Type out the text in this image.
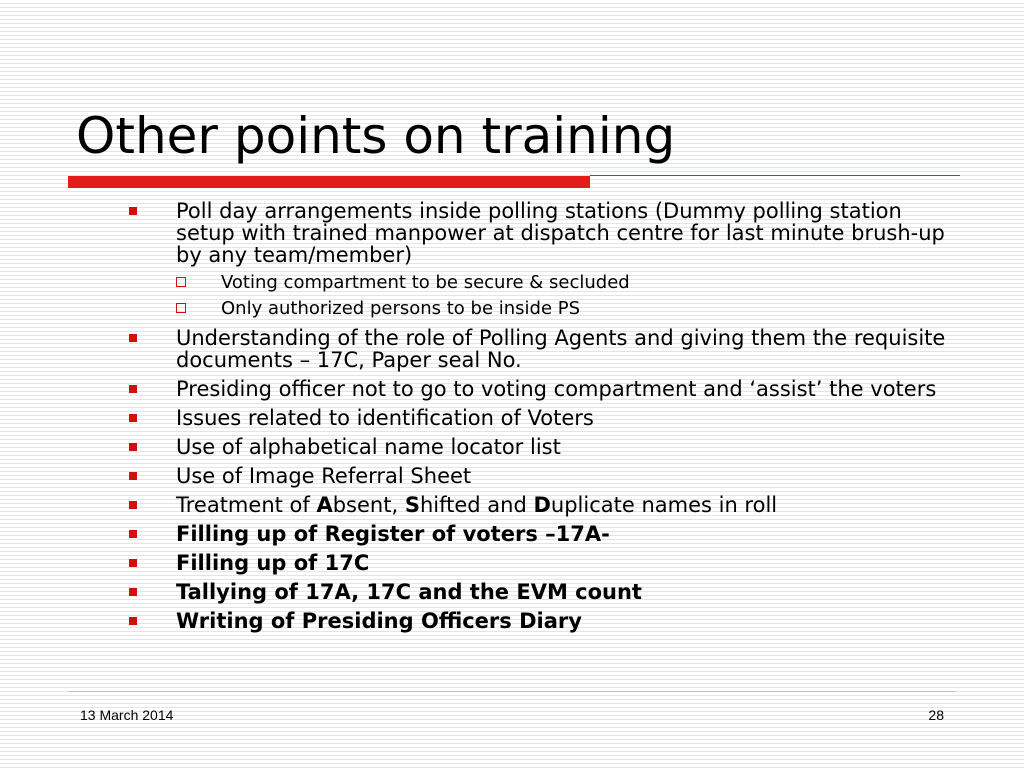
Other points on training
Poll day arrangements inside polling stations (Dummy polling station setup with trained manpower at dispatch centre for last minute brush-up by any team/member)
Voting compartment to be secure & secluded
Only authorized persons to be inside PS
Understanding of the role of Polling Agents and giving them the requisite documents – 17C, Paper seal No.
Presiding officer not to go to voting compartment and ‘assist’ the voters
Issues related to identification of Voters
Use of alphabetical name locator list
Use of Image Referral Sheet
Treatment of Absent, Shifted and Duplicate names in roll
Filling up of Register of voters –17A-
Filling up of 17C
Tallying of 17A, 17C and the EVM count
Writing of Presiding Officers Diary
13 March 2014	28
